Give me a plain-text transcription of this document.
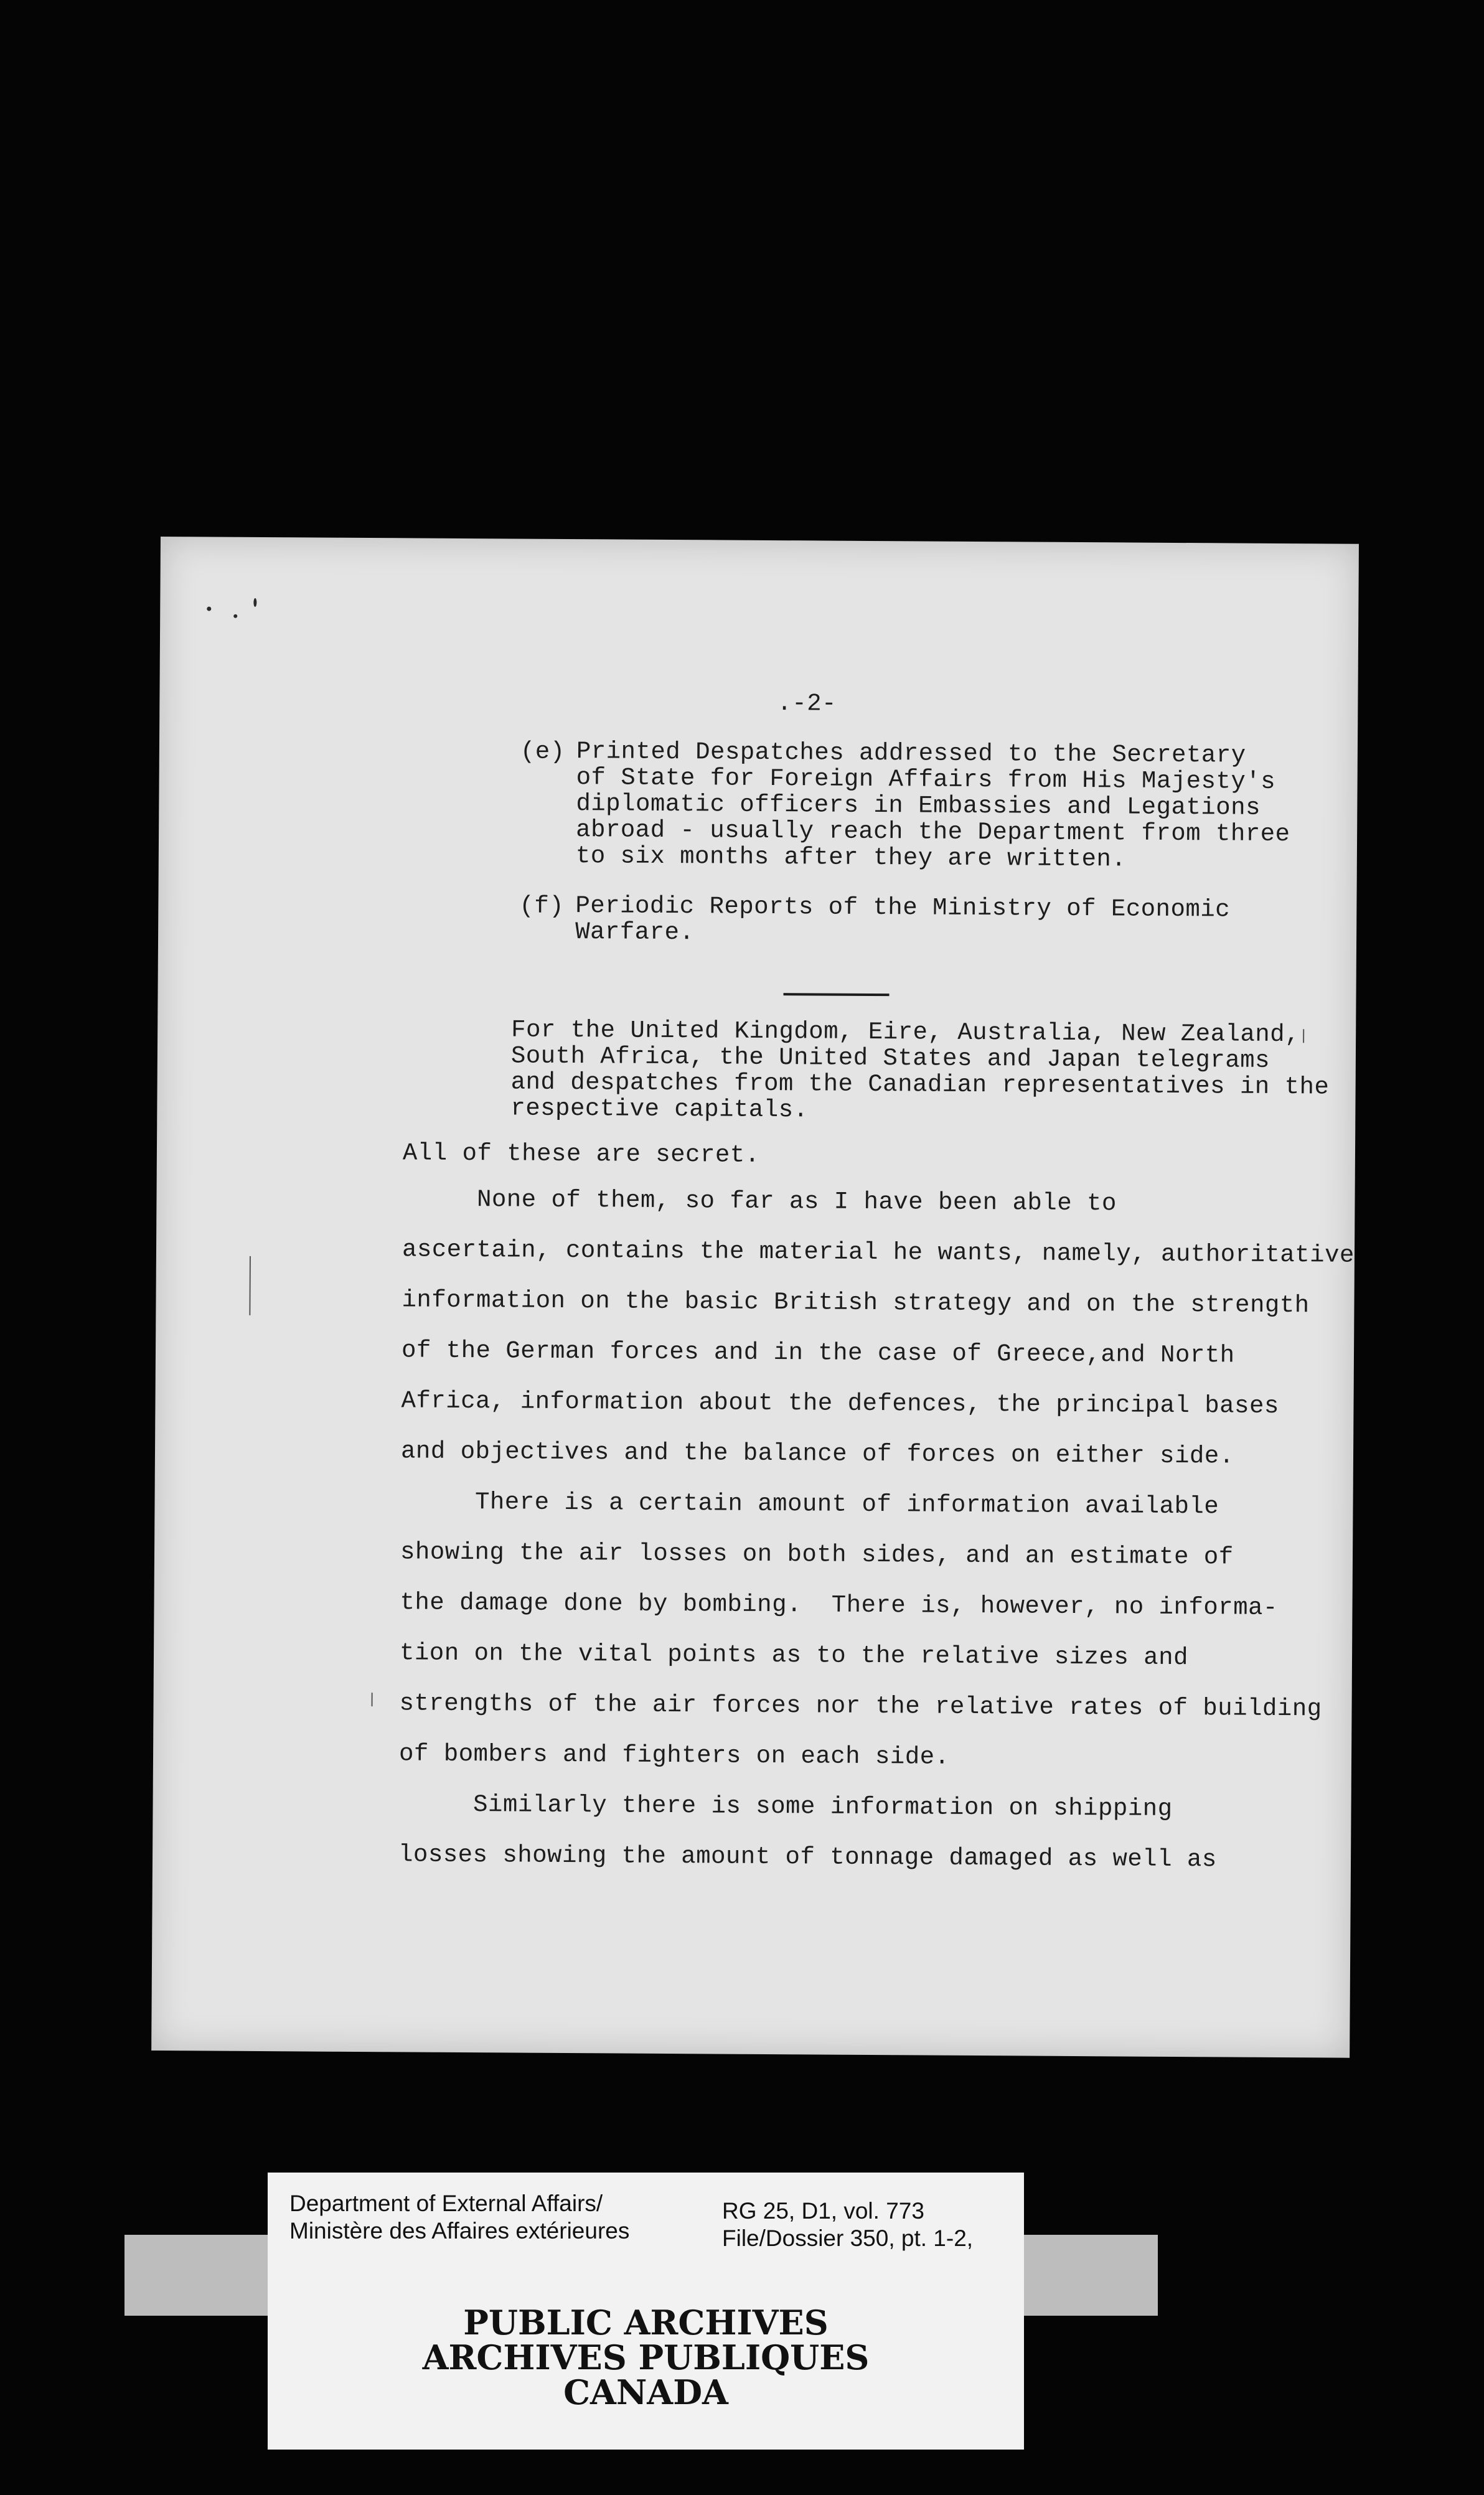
.-2-
(e) Printed Despatches addressed to the Secretary
of State for Foreign Affairs from His Majesty's
diplomatic officers in Embassies and Legations
abroad - usually reach the Department from three
to six months after they are written.
(f) Periodic Reports of the Ministry of Economic
Warfare.
For the United Kingdom, Eire, Australia, New Zealand,
South Africa, the United States and Japan telegrams
and despatches from the Canadian representatives in the
respective capitals.
All of these are secret.
None of them, so far as I have been able to
ascertain, contains the material he wants, namely, authoritative
information on the basic British strategy and on the strength
of the German forces and in the case of Greece,and North
Africa, information about the defences, the principal bases
and objectives and the balance of forces on either side.
There is a certain amount of information available
showing the air losses on both sides, and an estimate of
the damage done by bombing.  There is, however, no informa-
tion on the vital points as to the relative sizes and
strengths of the air forces nor the relative rates of building
of bombers and fighters on each side.
Similarly there is some information on shipping
losses showing the amount of tonnage damaged as well as
Department of External Affairs/
Ministère des Affaires extérieures
RG 25, D1, vol. 773
File/Dossier 350, pt. 1-2,
PUBLIC ARCHIVES
ARCHIVES PUBLIQUES
CANADA
